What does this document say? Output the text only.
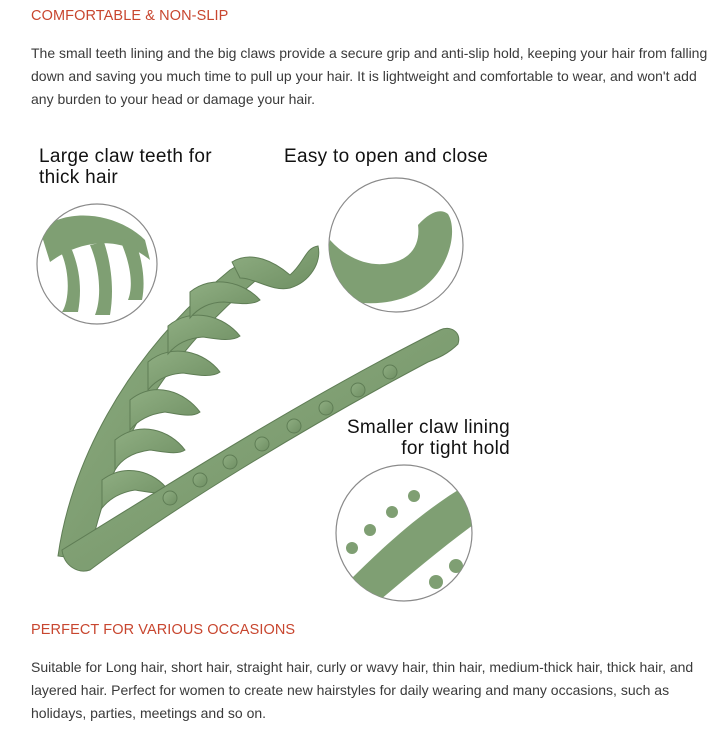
COMFORTABLE & NON-SLIP

The small teeth lining and the big claws provide a secure grip and anti-slip hold, keeping your hair from falling down and saving you much time to pull up your hair. It is lightweight and comfortable to wear, and won't add any burden to your head or damage your hair.

Large claw teeth for thick hair

Easy to open and close

Smaller claw lining for tight hold

PERFECT FOR VARIOUS OCCASIONS

Suitable for Long hair, short hair, straight hair, curly or wavy hair, thin hair, medium-thick hair, thick hair, and layered hair. Perfect for women to create new hairstyles for daily wearing and many occasions, such as holidays, parties, meetings and so on.
